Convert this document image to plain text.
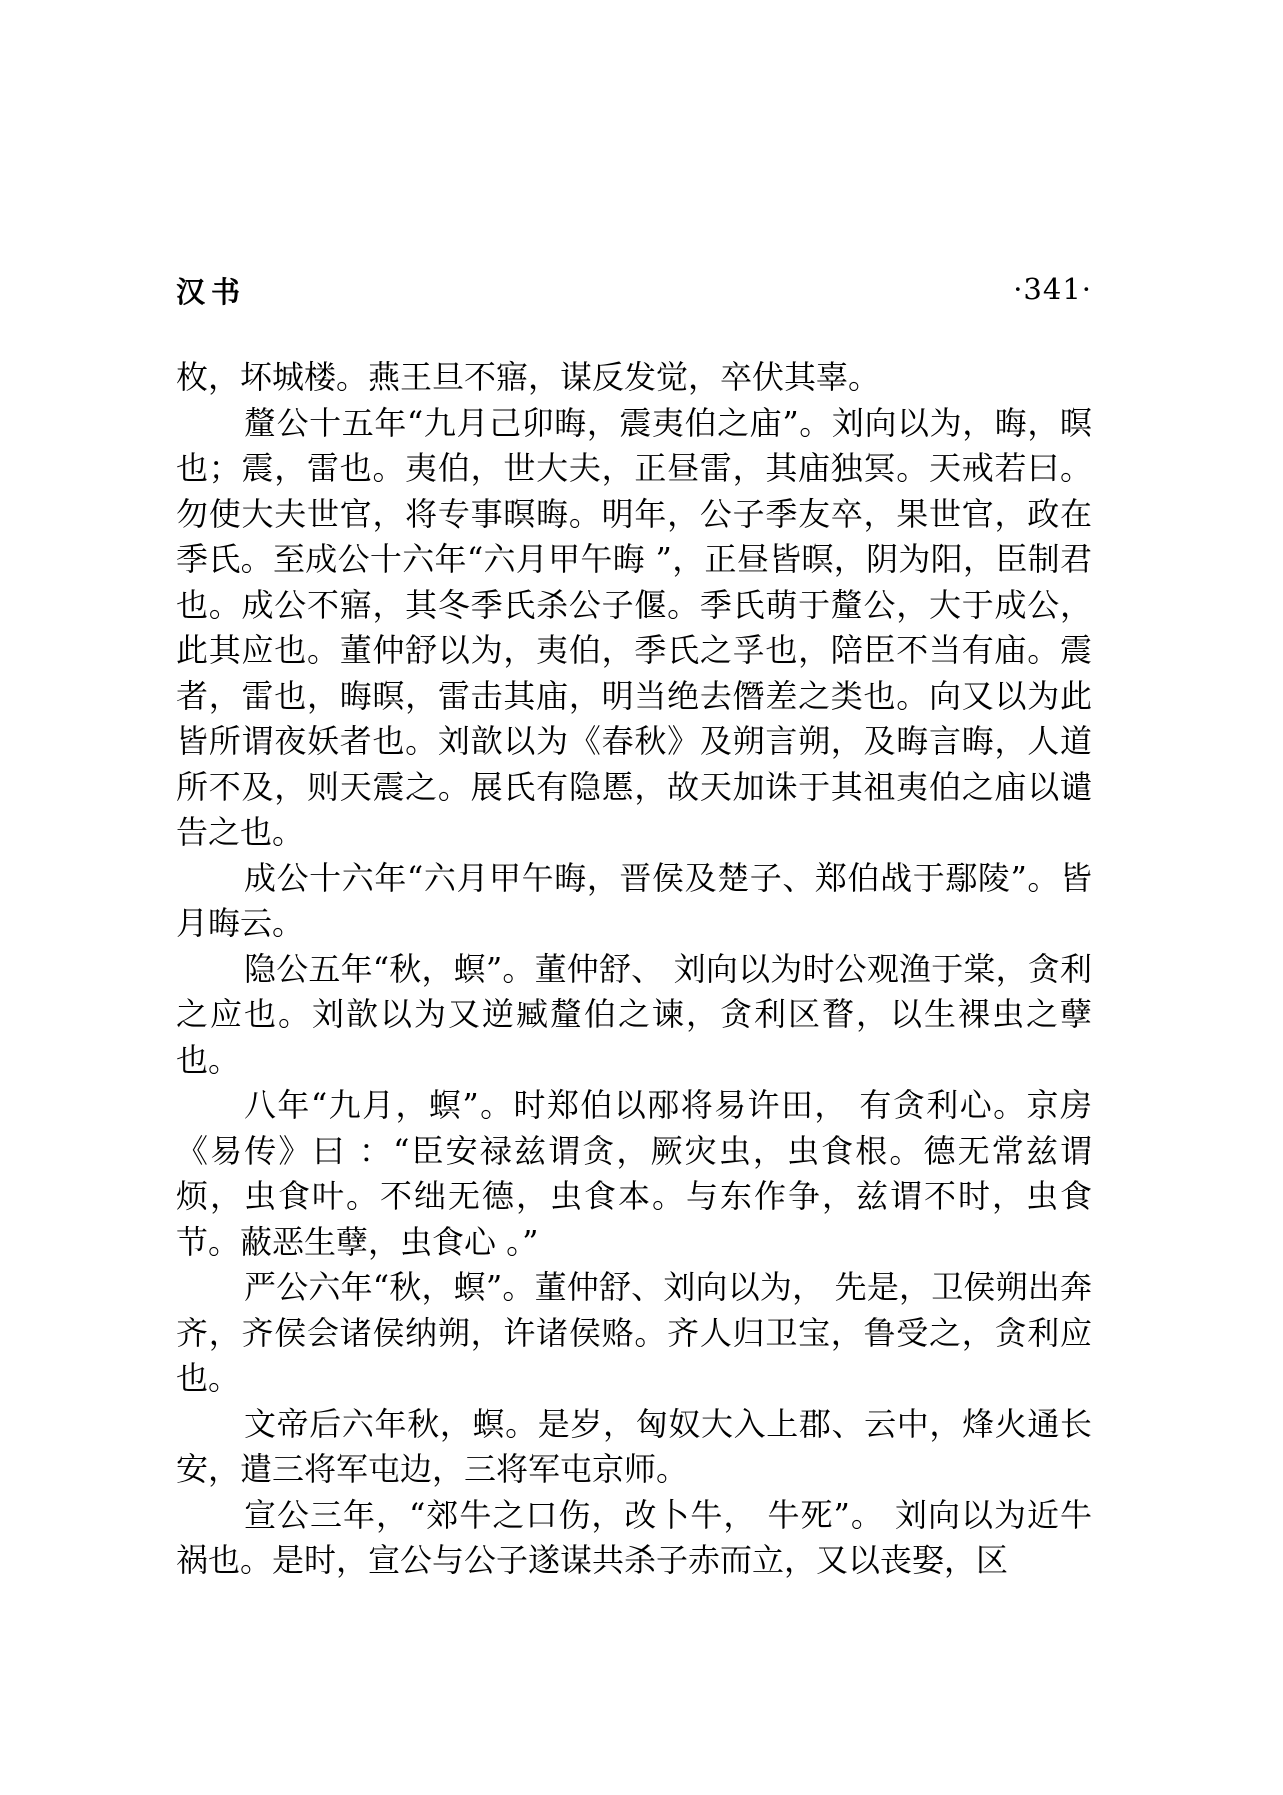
汉书	·341·

枚，坏城楼。燕王旦不寤，谋反发觉，卒伏其辜。

釐公十五年“九月己卯晦，震夷伯之庙”。刘向以为，晦，暝也；震，雷也。夷伯，世大夫，正昼雷，其庙独冥。天戒若曰。勿使大夫世官，将专事暝晦。明年，公子季友卒，果世官，政在季氏。至成公十六年“六月甲午晦 ”，正昼皆暝，阴为阳，臣制君也。成公不寤，其冬季氏杀公子偃。季氏萌于釐公，大于成公，此其应也。董仲舒以为，夷伯，季氏之孚也，陪臣不当有庙。震者，雷也，晦暝，雷击其庙，明当绝去僭差之类也。向又以为此皆所谓夜妖者也。刘歆以为《春秋》及朔言朔，及晦言晦，人道所不及，则天震之。展氏有隐慝，故天加诛于其祖夷伯之庙以谴告之也。

成公十六年“六月甲午晦，晋侯及楚子、郑伯战于鄢陵”。皆月晦云。

隐公五年“秋，螟”。董仲舒、 刘向以为时公观渔于棠，贪利之应也。刘歆以为又逆臧釐伯之谏，贪利区瞀，以生裸虫之孽也。

八年“九月，螟”。时郑伯以邴将易许田， 有贪利心。京房《易传》曰 ：“臣安禄兹谓贪，厥灾虫，虫食根。德无常兹谓烦，虫食叶。不绌无德，虫食本。与东作争，兹谓不时，虫食节。蔽恶生孽，虫食心 。”

严公六年“秋，螟”。董仲舒、刘向以为， 先是，卫侯朔出奔齐，齐侯会诸侯纳朔，许诸侯赂。齐人归卫宝，鲁受之，贪利应也。

文帝后六年秋，螟。是岁，匈奴大入上郡、云中，烽火通长安，遣三将军屯边，三将军屯京师。

宣公三年，“郊牛之口伤，改卜牛， 牛死”。 刘向以为近牛祸也。是时，宣公与公子遂谋共杀子赤而立，又以丧娶，区
